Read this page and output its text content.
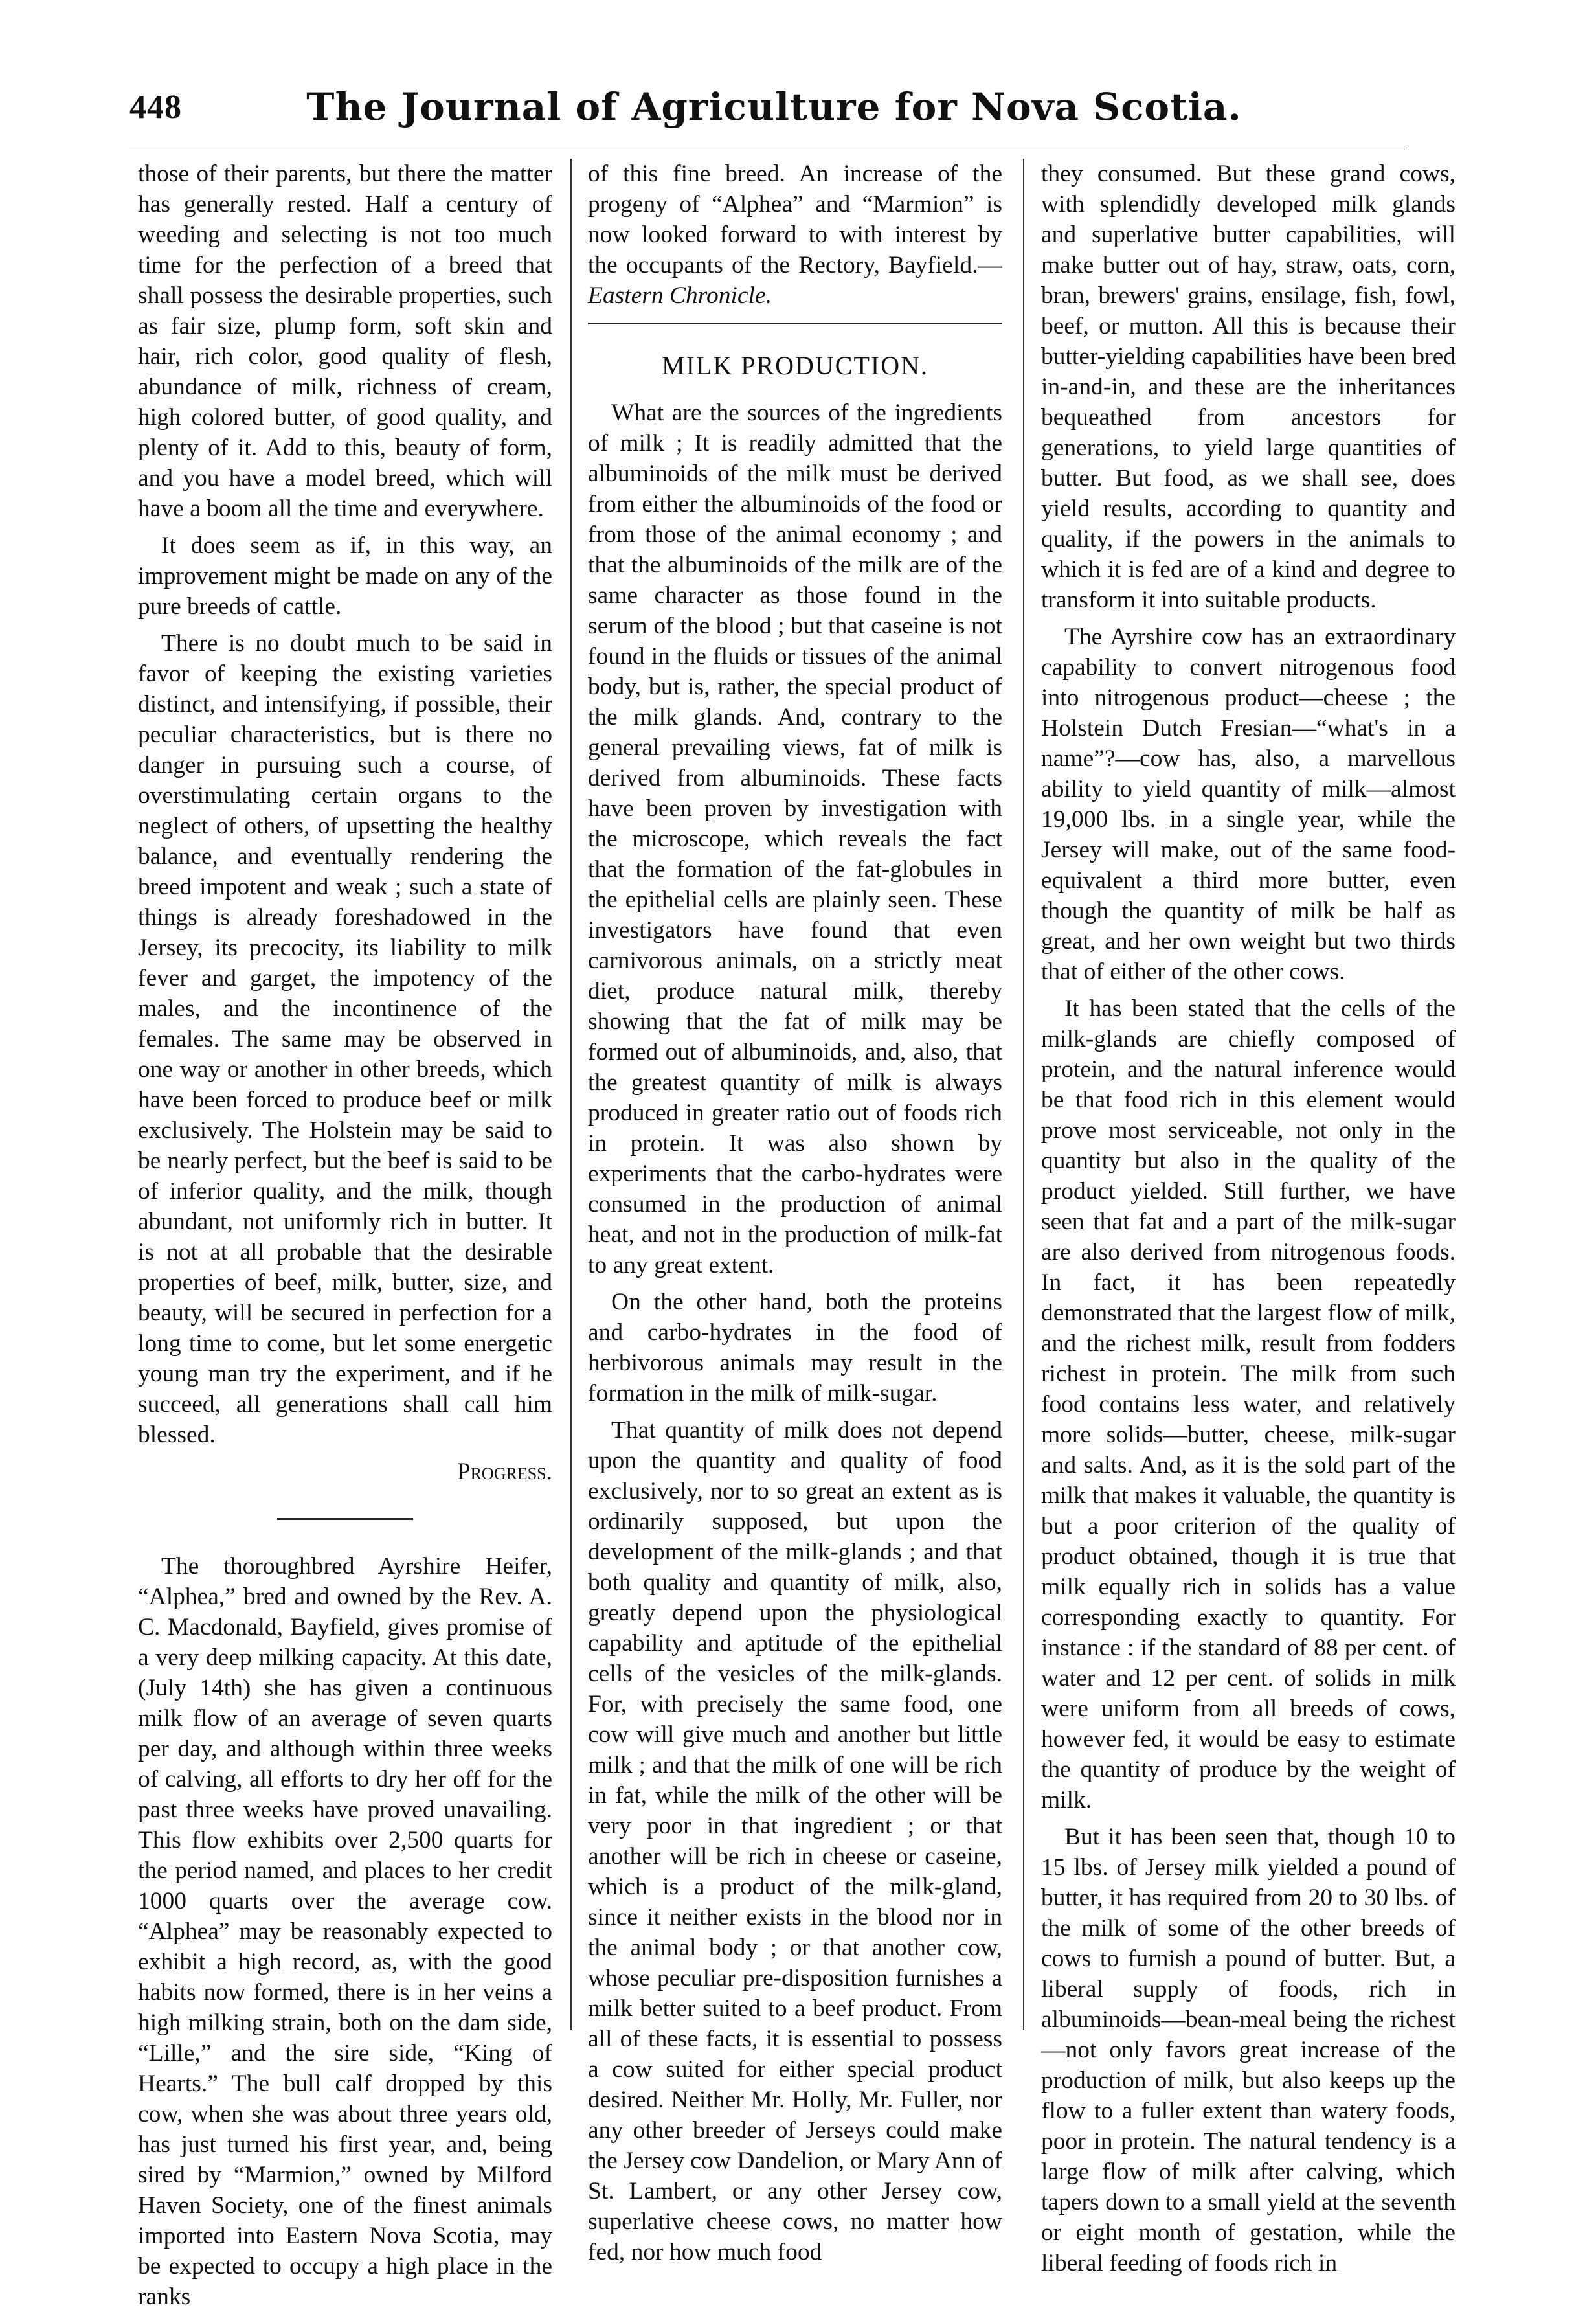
448	The Journal of Agriculture for Nova Scotia.

those of their parents, but there the matter has generally rested. Half a century of weeding and selecting is not too much time for the perfection of a breed that shall possess the desirable properties, such as fair size, plump form, soft skin and hair, rich color, good quality of flesh, abundance of milk, richness of cream, high colored butter, of good quality, and plenty of it. Add to this, beauty of form, and you have a model breed, which will have a boom all the time and everywhere.

It does seem as if, in this way, an improvement might be made on any of the pure breeds of cattle.

There is no doubt much to be said in favor of keeping the existing varieties distinct, and intensifying, if possible, their peculiar characteristics, but is there no danger in pursuing such a course, of overstimulating certain organs to the neglect of others, of upsetting the healthy balance, and eventually rendering the breed impotent and weak ; such a state of things is already foreshadowed in the Jersey, its precocity, its liability to milk fever and garget, the impotency of the males, and the incontinence of the females. The same may be observed in one way or another in other breeds, which have been forced to produce beef or milk exclusively. The Holstein may be said to be nearly perfect, but the beef is said to be of inferior quality, and the milk, though abundant, not uniformly rich in butter. It is not at all probable that the desirable properties of beef, milk, butter, size, and beauty, will be secured in perfection for a long time to come, but let some energetic young man try the experiment, and if he succeed, all generations shall call him blessed.

Progress.

The thoroughbred Ayrshire Heifer, “Alphea,” bred and owned by the Rev. A. C. Macdonald, Bayfield, gives promise of a very deep milking capacity. At this date, (July 14th) she has given a continuous milk flow of an average of seven quarts per day, and although within three weeks of calving, all efforts to dry her off for the past three weeks have proved unavailing. This flow exhibits over 2,500 quarts for the period named, and places to her credit 1000 quarts over the average cow. “Alphea” may be reasonably expected to exhibit a high record, as, with the good habits now formed, there is in her veins a high milking strain, both on the dam side, “Lille,” and the sire side, “King of Hearts.” The bull calf dropped by this cow, when she was about three years old, has just turned his first year, and, being sired by “Marmion,” owned by Milford Haven Society, one of the finest animals imported into Eastern Nova Scotia, may be expected to occupy a high place in the ranks

of this fine breed. An increase of the progeny of “Alphea” and “Marmion” is now looked forward to with interest by the occupants of the Rectory, Bayfield.—Eastern Chronicle.

MILK PRODUCTION.

What are the sources of the ingredients of milk ; It is readily admitted that the albuminoids of the milk must be derived from either the albuminoids of the food or from those of the animal economy ; and that the albuminoids of the milk are of the same character as those found in the serum of the blood ; but that caseine is not found in the fluids or tissues of the animal body, but is, rather, the special product of the milk glands. And, contrary to the general prevailing views, fat of milk is derived from albuminoids. These facts have been proven by investigation with the microscope, which reveals the fact that the formation of the fat-globules in the epithelial cells are plainly seen. These investigators have found that even carnivorous animals, on a strictly meat diet, produce natural milk, thereby showing that the fat of milk may be formed out of albuminoids, and, also, that the greatest quantity of milk is always produced in greater ratio out of foods rich in protein. It was also shown by experiments that the carbo-hydrates were consumed in the production of animal heat, and not in the production of milk-fat to any great extent.

On the other hand, both the proteins and carbo-hydrates in the food of herbivorous animals may result in the formation in the milk of milk-sugar.

That quantity of milk does not depend upon the quantity and quality of food exclusively, nor to so great an extent as is ordinarily supposed, but upon the development of the milk-glands ; and that both quality and quantity of milk, also, greatly depend upon the physiological capability and aptitude of the epithelial cells of the vesicles of the milk-glands. For, with precisely the same food, one cow will give much and another but little milk ; and that the milk of one will be rich in fat, while the milk of the other will be very poor in that ingredient ; or that another will be rich in cheese or caseine, which is a product of the milk-gland, since it neither exists in the blood nor in the animal body ; or that another cow, whose peculiar pre-disposition furnishes a milk better suited to a beef product. From all of these facts, it is essential to possess a cow suited for either special product desired. Neither Mr. Holly, Mr. Fuller, nor any other breeder of Jerseys could make the Jersey cow Dandelion, or Mary Ann of St. Lambert, or any other Jersey cow, superlative cheese cows, no matter how fed, nor how much food

they consumed. But these grand cows, with splendidly developed milk glands and superlative butter capabilities, will make butter out of hay, straw, oats, corn, bran, brewers' grains, ensilage, fish, fowl, beef, or mutton. All this is because their butter-yielding capabilities have been bred in-and-in, and these are the inheritances bequeathed from ancestors for generations, to yield large quantities of butter. But food, as we shall see, does yield results, according to quantity and quality, if the powers in the animals to which it is fed are of a kind and degree to transform it into suitable products.

The Ayrshire cow has an extraordinary capability to convert nitrogenous food into nitrogenous product—cheese ; the Holstein Dutch Fresian—“what's in a name”?—cow has, also, a marvellous ability to yield quantity of milk—almost 19,000 lbs. in a single year, while the Jersey will make, out of the same food-equivalent a third more butter, even though the quantity of milk be half as great, and her own weight but two thirds that of either of the other cows.

It has been stated that the cells of the milk-glands are chiefly composed of protein, and the natural inference would be that food rich in this element would prove most serviceable, not only in the quantity but also in the quality of the product yielded. Still further, we have seen that fat and a part of the milk-sugar are also derived from nitrogenous foods. In fact, it has been repeatedly demonstrated that the largest flow of milk, and the richest milk, result from fodders richest in protein. The milk from such food contains less water, and relatively more solids—butter, cheese, milk-sugar and salts. And, as it is the sold part of the milk that makes it valuable, the quantity is but a poor criterion of the quality of product obtained, though it is true that milk equally rich in solids has a value corresponding exactly to quantity. For instance : if the standard of 88 per cent. of water and 12 per cent. of solids in milk were uniform from all breeds of cows, however fed, it would be easy to estimate the quantity of produce by the weight of milk.

But it has been seen that, though 10 to 15 lbs. of Jersey milk yielded a pound of butter, it has required from 20 to 30 lbs. of the milk of some of the other breeds of cows to furnish a pound of butter. But, a liberal supply of foods, rich in albuminoids—bean-meal being the richest—not only favors great increase of the production of milk, but also keeps up the flow to a fuller extent than watery foods, poor in protein. The natural tendency is a large flow of milk after calving, which tapers down to a small yield at the seventh or eight month of gestation, while the liberal feeding of foods rich in
